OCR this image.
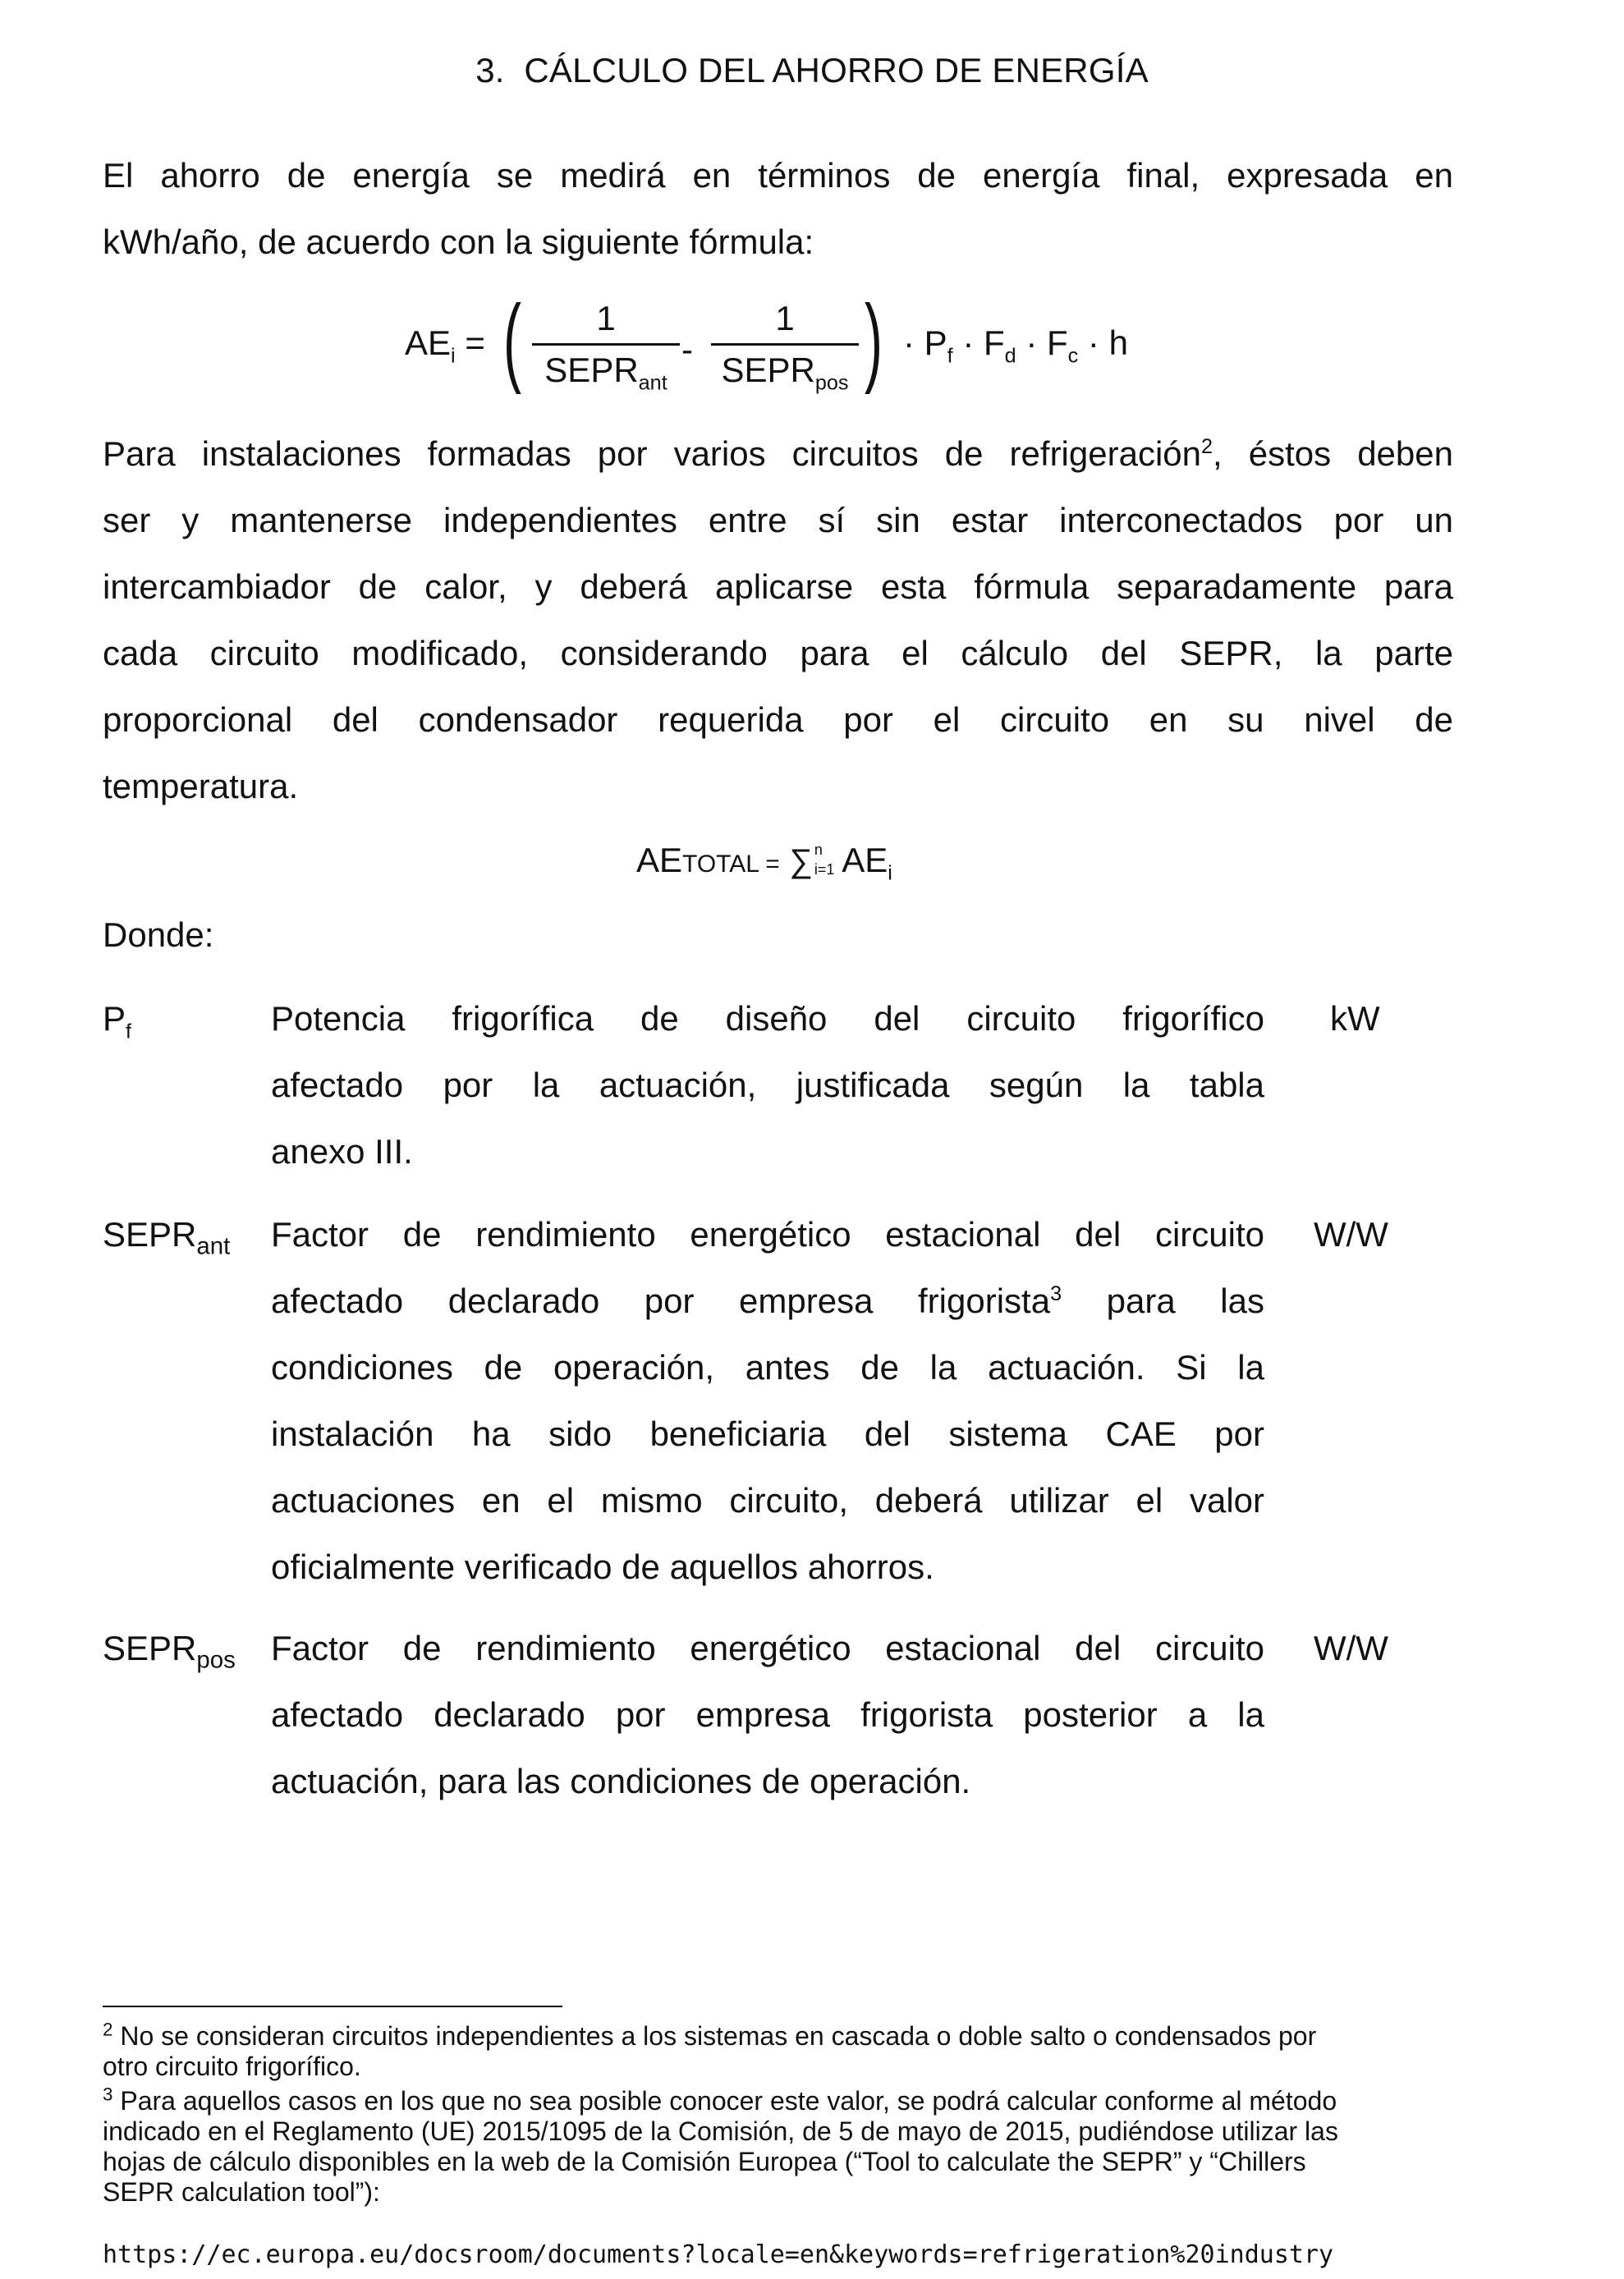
3.  CÁLCULO DEL AHORRO DE ENERGÍA
El ahorro de energía se medirá en términos de energía final, expresada en
kWh/año, de acuerdo con la siguiente fórmula:
$AE_i$ = (	1
$SEPR_{ant}$
-
1
$SEPR_{pos}$ ) · $P_f \cdot F_d \cdot F_c \cdot h$
Para instalaciones formadas por varios circuitos de refrigeración$^2$, éstos deben
ser y mantenerse independientes entre sí sin estar interconectados por un
intercambiador de calor, y deberá aplicarse esta fórmula separadamente para
cada circuito modificado, considerando para el cálculo del SEPR, la parte
proporcional del condensador requerida por el circuito en su nivel de
temperatura.
AETOTAL = ∑ n
i=1 $AE_i$
Donde:
$P_f$	Potencia frigorífica de diseño del circuito frigorífico
afectado por la actuación, justificada según la tabla
anexo III.
kW
$SEPR_{ant}$ Factor de rendimiento energético estacional del circuito
afectado declarado por empresa frigorista$^3$ para las
condiciones de operación, antes de la actuación. Si la
instalación ha sido beneficiaria del sistema CAE por
actuaciones en el mismo circuito, deberá utilizar el valor
oficialmente verificado de aquellos ahorros.
W/W
$SEPR_{pos}$ Factor de rendimiento energético estacional del circuito
afectado declarado por empresa frigorista posterior a la
actuación, para las condiciones de operación.
W/W
$^2$ No se consideran circuitos independientes a los sistemas en cascada o doble salto o condensados por
otro circuito frigorífico.
$^3$ Para aquellos casos en los que no sea posible conocer este valor, se podrá calcular conforme al método
indicado en el Reglamento (UE) 2015/1095 de la Comisión, de 5 de mayo de 2015, pudiéndose utilizar las
hojas de cálculo disponibles en la web de la Comisión Europea (“Tool to calculate the SEPR” y “Chillers
SEPR calculation tool”):
https://ec.europa.eu/docsroom/documents?locale=en&keywords=refrigeration%20industry
